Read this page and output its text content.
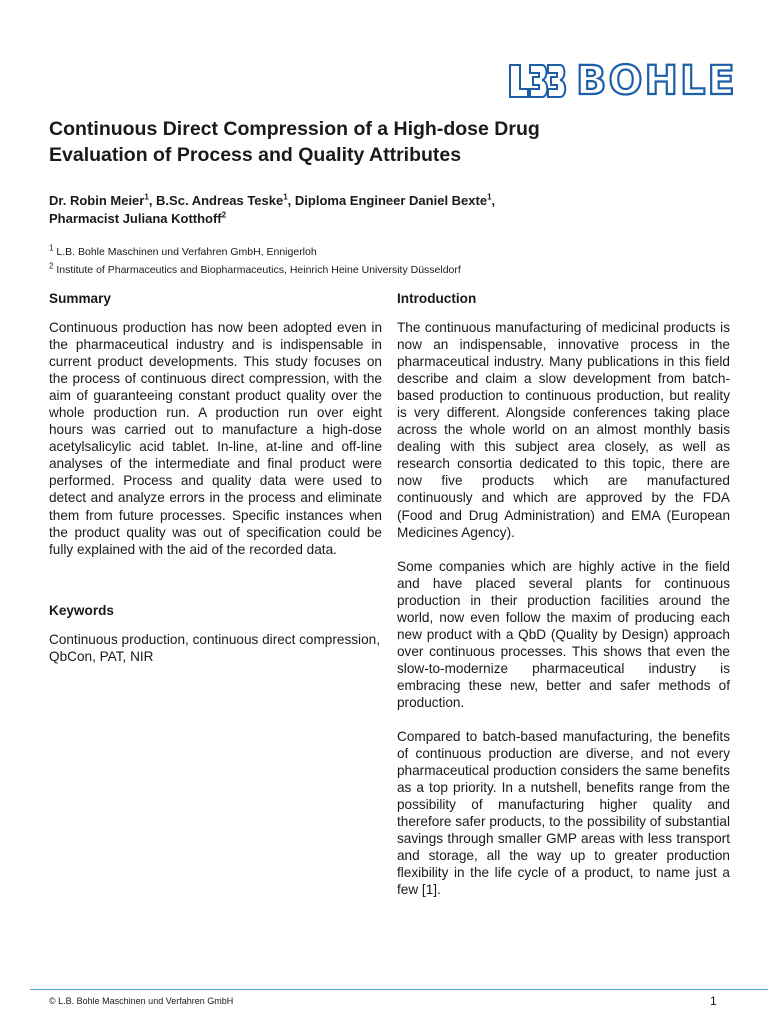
BOHLE
Continuous Direct Compression of a High-dose Drug
Evaluation of Process and Quality Attributes

Dr. Robin Meier$^1$, B.Sc. Andreas Teske$^1$, Diploma Engineer Daniel Bexte$^1$,
Pharmacist Juliana Kotthoff$^2$

$^1$ L.B. Bohle Maschinen und Verfahren GmbH, Ennigerloh

$^2$ Institute of Pharmaceutics and Biopharmaceutics, Heinrich Heine University Düsseldorf

Summary

Continuous production has now been adopted even in the pharmaceutical industry and is indispensable in current product developments. This study focuses on the process of continuous direct compression, with the aim of guaranteeing constant product quality over the whole production run. A production run over eight hours was carried out to manufacture a high-dose acetylsalicylic acid tablet. In-line, at-line and off-line analyses of the intermediate and final product were performed. Process and quality data were used to detect and analyze errors in the process and eliminate them from future processes. Specific instances when the product quality was out of specification could be fully explained with the aid of the recorded data.

Keywords

Continuous production, continuous direct compression, QbCon, PAT, NIR

Introduction

The continuous manufacturing of medicinal products is now an indispensable, innovative process in the pharmaceutical industry. Many publications in this field describe and claim a slow development from batch-based production to continuous production, but reality is very different. Alongside conferences taking place across the whole world on an almost monthly basis dealing with this subject area closely, as well as research consortia dedicated to this topic, there are now five products which are manufactured continuously and which are approved by the FDA (Food and Drug Administration) and EMA (European Medicines Agency).

Some companies which are highly active in the field and have placed several plants for continuous production in their production facilities around the world, now even follow the maxim of producing each new product with a QbD (Quality by Design) approach over continuous processes. This shows that even the slow-to-modernize pharmaceutical industry is embracing these new, better and safer methods of production.

Compared to batch-based manufacturing, the benefits of continuous production are diverse, and not every pharmaceutical production considers the same benefits as a top priority. In a nutshell, benefits range from the possibility of manufacturing higher quality and therefore safer products, to the possibility of substantial savings through smaller GMP areas with less transport and storage, all the way up to greater production flexibility in the life cycle of a product, to name just a few [1].

© L.B. Bohle Maschinen und Verfahren GmbH	1
